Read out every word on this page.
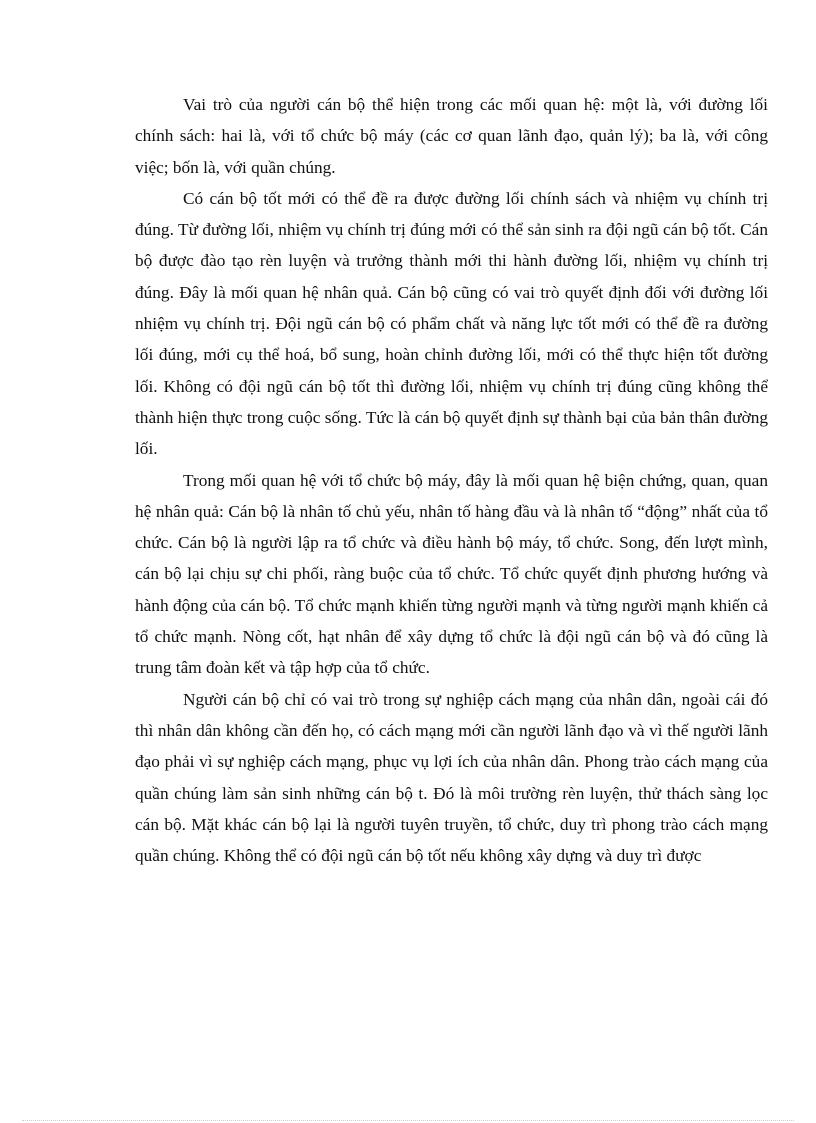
Vai trò của người cán bộ thể hiện trong các mối quan hệ: một là, với đường lối chính sách: hai là, với tổ chức bộ máy (các cơ quan lãnh đạo, quản lý); ba là, với công việc; bốn là, với quần chúng.

Có cán bộ tốt mới có thể đề ra được đường lối chính sách và nhiệm vụ chính trị đúng. Từ đường lối, nhiệm vụ chính trị đúng mới có thể sản sinh ra đội ngũ cán bộ tốt. Cán bộ được đào tạo rèn luyện và trưởng thành mới thi hành đường lối, nhiệm vụ chính trị đúng. Đây là mối quan hệ nhân quả. Cán bộ cũng có vai trò quyết định đối với đường lối nhiệm vụ chính trị. Đội ngũ cán bộ có phẩm chất và năng lực tốt mới có thể đề ra đường lối đúng, mới cụ thể hoá, bổ sung, hoàn chỉnh đường lối, mới có thể thực hiện tốt đường lối. Không có đội ngũ cán bộ tốt thì đường lối, nhiệm vụ chính trị đúng cũng không thể thành hiện thực trong cuộc sống. Tức là cán bộ quyết định sự thành bại của bản thân đường lối.

Trong mối quan hệ với tổ chức bộ máy, đây là mối quan hệ biện chứng, quan, quan hệ nhân quả: Cán bộ là nhân tố chủ yếu, nhân tố hàng đầu và là nhân tố “động” nhất của tổ chức. Cán bộ là người lập ra tổ chức và điều hành bộ máy, tổ chức. Song, đến lượt mình, cán bộ lại chịu sự chi phối, ràng buộc của tổ chức. Tổ chức quyết định phương hướng và hành động của cán bộ. Tổ chức mạnh khiến từng người mạnh và từng người mạnh khiến cả tổ chức mạnh. Nòng cốt, hạt nhân để xây dựng tổ chức là đội ngũ cán bộ và đó cũng là trung tâm đoàn kết và tập hợp của tổ chức.

Người cán bộ chỉ có vai trò trong sự nghiệp cách mạng của nhân dân, ngoài cái đó thì nhân dân không cần đến họ, có cách mạng mới cần người lãnh đạo và vì thế người lãnh đạo phải vì sự nghiệp cách mạng, phục vụ lợi ích của nhân dân. Phong trào cách mạng của quần chúng làm sản sinh những cán bộ t. Đó là môi trường rèn luyện, thử thách sàng lọc cán bộ. Mặt khác cán bộ lại là người tuyên truyền, tổ chức, duy trì phong trào cách mạng quần chúng. Không thể có đội ngũ cán bộ tốt nếu không xây dựng và duy trì được
